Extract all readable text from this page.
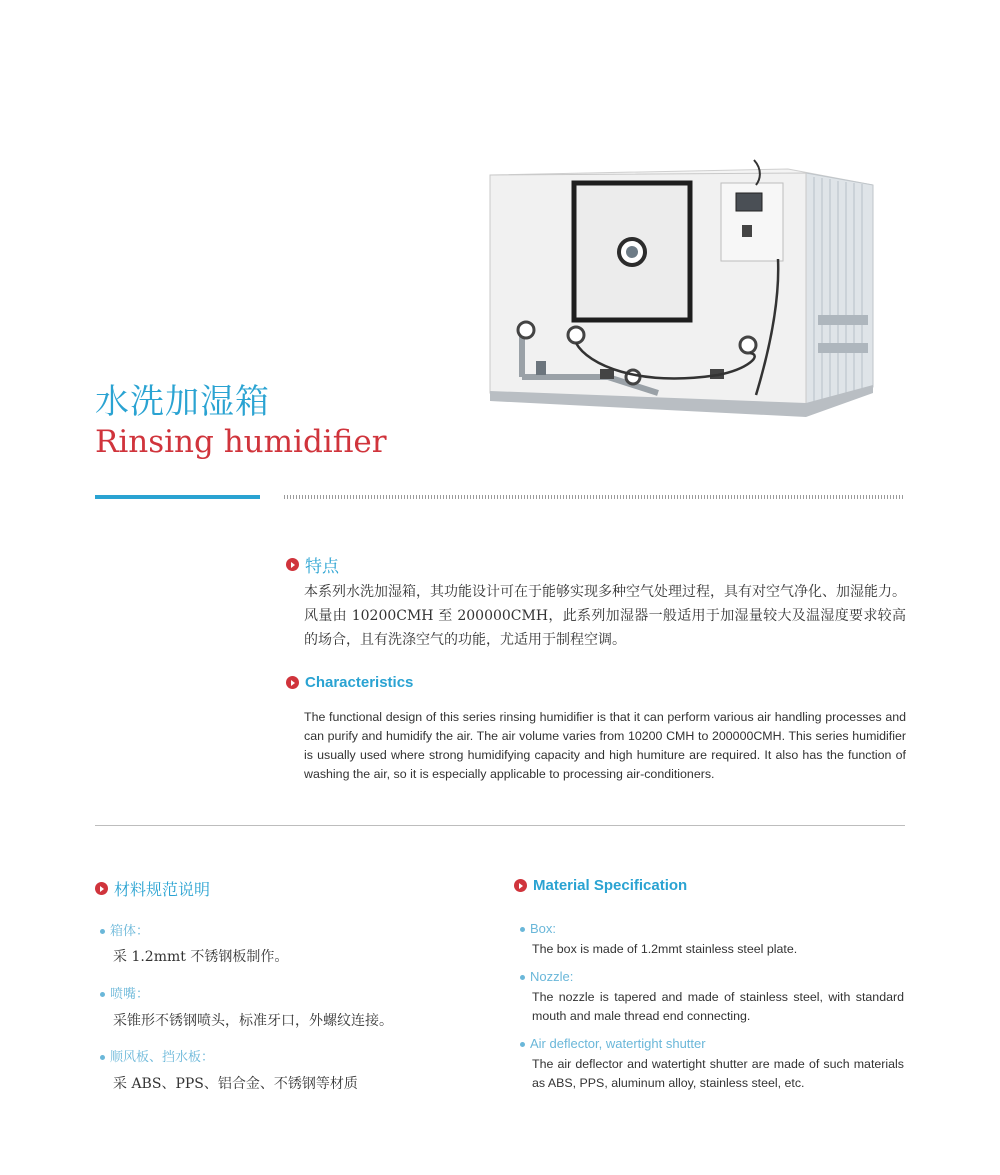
水洗加湿箱
Rinsing humidifier
特点
本系列水洗加湿箱，其功能设计可在于能够实现多种空气处理过程，具有对空气净化、加湿能力。风量由 10200CMH 至 200000CMH，此系列加湿器一般适用于加湿量较大及温湿度要求较高的场合，且有洗涤空气的功能，尤适用于制程空调。
Characteristics
The functional design of this series rinsing humidifier is that it can perform various air handling processes and can purify and humidify the air. The air volume varies from 10200 CMH to 200000CMH. This series humidifier is usually used where strong humidifying capacity and high humiture are required. It also has the function of washing the air, so it is especially applicable to processing air-conditioners.
材料规范说明
箱体：
采 1.2mmt 不锈钢板制作。
喷嘴：
采锥形不锈钢喷头，标准牙口，外螺纹连接。
顺风板、挡水板：
采 ABS、PPS、铝合金、不锈钢等材质
Material Specification
Box:
The box is made of 1.2mmt stainless steel plate.
Nozzle:
The nozzle is tapered and made of stainless steel, with standard mouth and male thread end connecting.
Air deflector, watertight shutter
The air deflector and watertight shutter are made of such materials as ABS, PPS, aluminum alloy, stainless steel, etc.
